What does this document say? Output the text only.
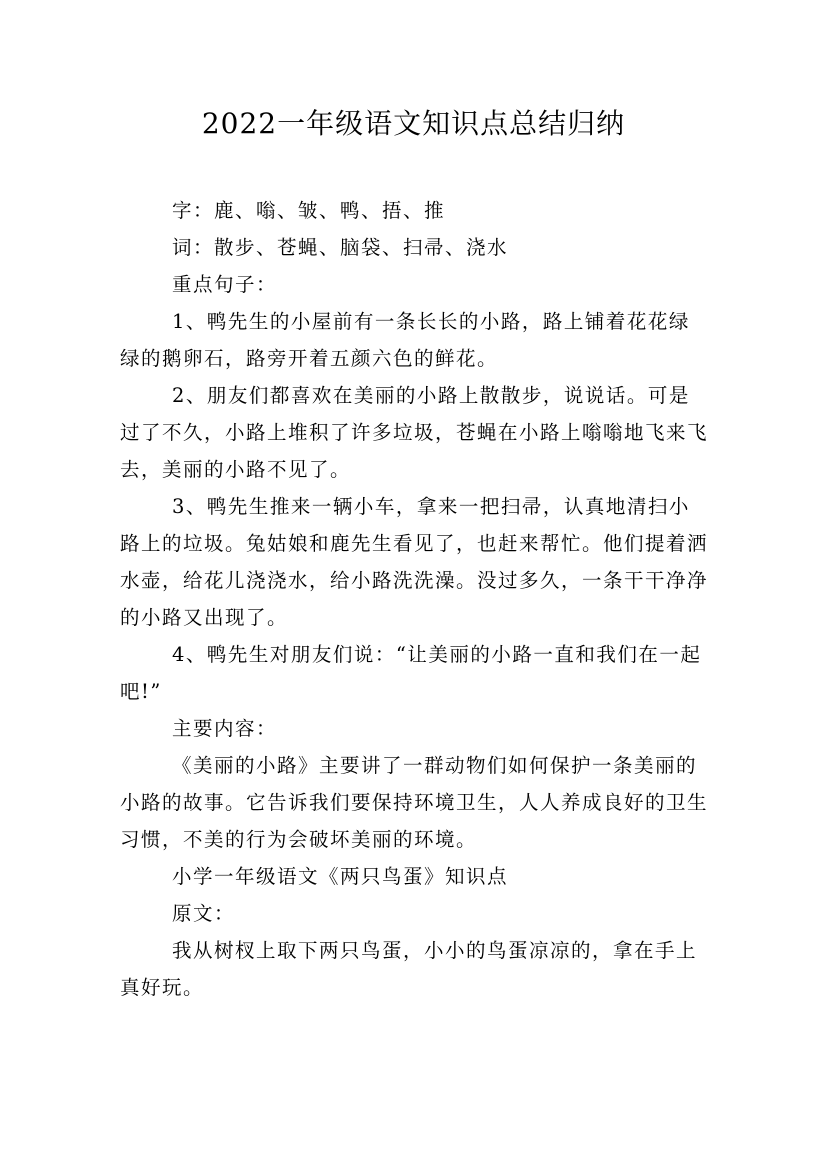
2022一年级语文知识点总结归纳

字：鹿、嗡、皱、鸭、捂、推

词：散步、苍蝇、脑袋、扫帚、浇水

重点句子：

1、鸭先生的小屋前有一条长长的小路，路上铺着花花绿绿的鹅卵石，路旁开着五颜六色的鲜花。

2、朋友们都喜欢在美丽的小路上散散步，说说话。可是过了不久，小路上堆积了许多垃圾，苍蝇在小路上嗡嗡地飞来飞去，美丽的小路不见了。

3、鸭先生推来一辆小车，拿来一把扫帚，认真地清扫小路上的垃圾。兔姑娘和鹿先生看见了，也赶来帮忙。他们提着洒水壶，给花儿浇浇水，给小路洗洗澡。没过多久，一条干干净净的小路又出现了。

4、鸭先生对朋友们说：“让美丽的小路一直和我们在一起吧!”

主要内容：

《美丽的小路》主要讲了一群动物们如何保护一条美丽的小路的故事。它告诉我们要保持环境卫生，人人养成良好的卫生习惯，不美的行为会破坏美丽的环境。

小学一年级语文《两只鸟蛋》知识点

原文：

我从树杈上取下两只鸟蛋，小小的鸟蛋凉凉的，拿在手上真好玩。
